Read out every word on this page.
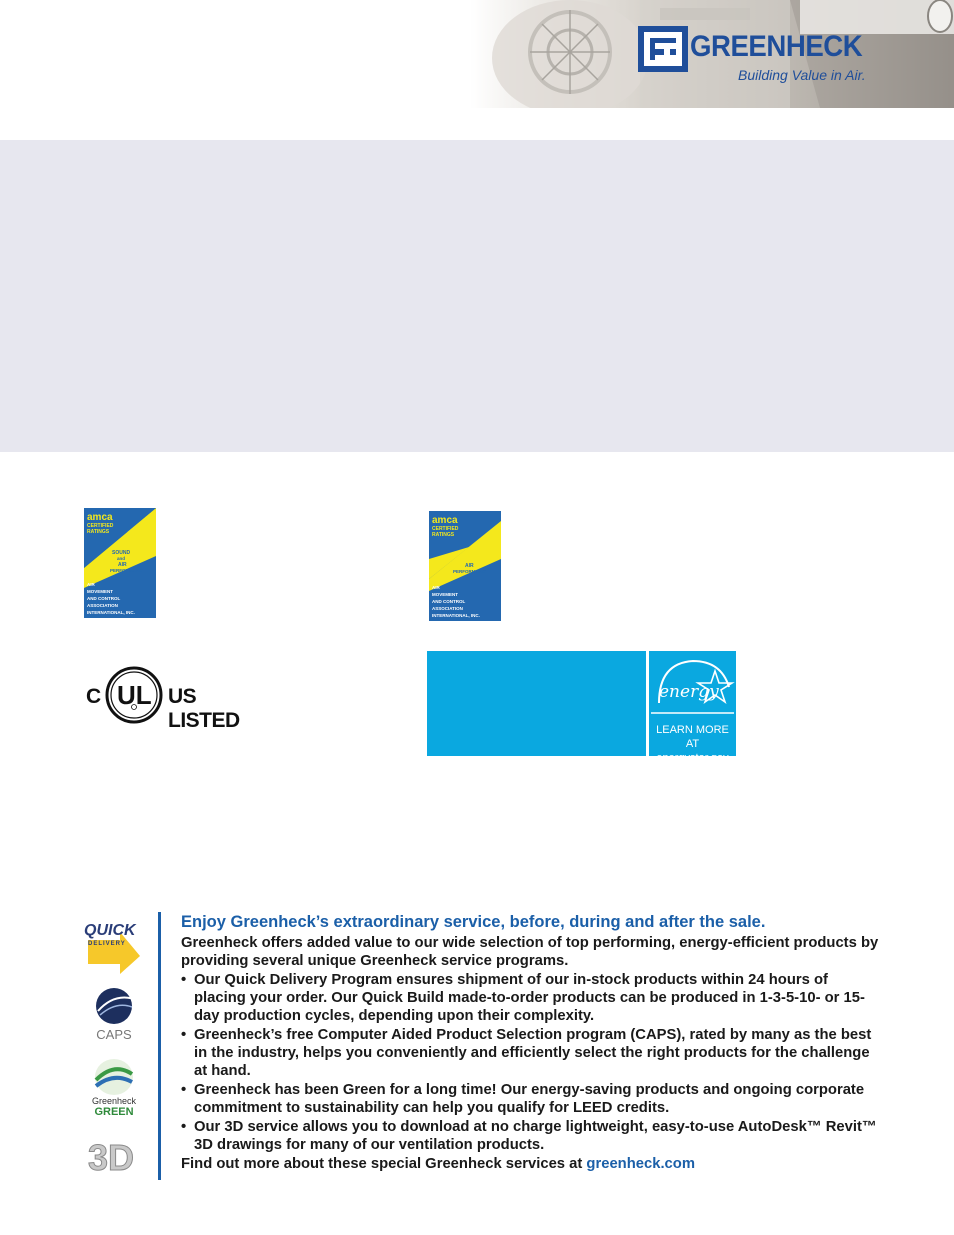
GREENHECK
Building Value in Air.
amca
CERTIFIED
RATINGS
SOUND
and
AIR
PERFORMANCE
AIR
MOVEMENT
AND CONTROL
ASSOCIATION
INTERNATIONAL, INC.
amca
CERTIFIED
RATINGS
AIR
PERFORMANCE
AIR
MOVEMENT
AND CONTROL
ASSOCIATION
INTERNATIONAL, INC.
C UL US LISTED
energy
LEARN MORE AT
energystar.gov
QUICK
DELIVERY
CAPS
Greenheck
GREEN
3D

Enjoy Greenheck’s extraordinary service, before, during and after the sale.

Greenheck offers added value to our wide selection of top performing, energy-efficient products by providing several unique Greenheck service programs.

• Our Quick Delivery Program ensures shipment of our in-stock products within 24 hours of placing your order. Our Quick Build made-to-order products can be produced in 1-3-5-10- or 15-day production cycles, depending upon their complexity.
• Greenheck’s free Computer Aided Product Selection program (CAPS), rated by many as the best in the industry, helps you conveniently and efficiently select the right products for the challenge at hand.
• Greenheck has been Green for a long time! Our energy-saving products and ongoing corporate commitment to sustainability can help you qualify for LEED credits.
• Our 3D service allows you to download at no charge lightweight, easy-to-use AutoDesk™ Revit™ 3D drawings for many of our ventilation products.

Find out more about these special Greenheck services at greenheck.com
